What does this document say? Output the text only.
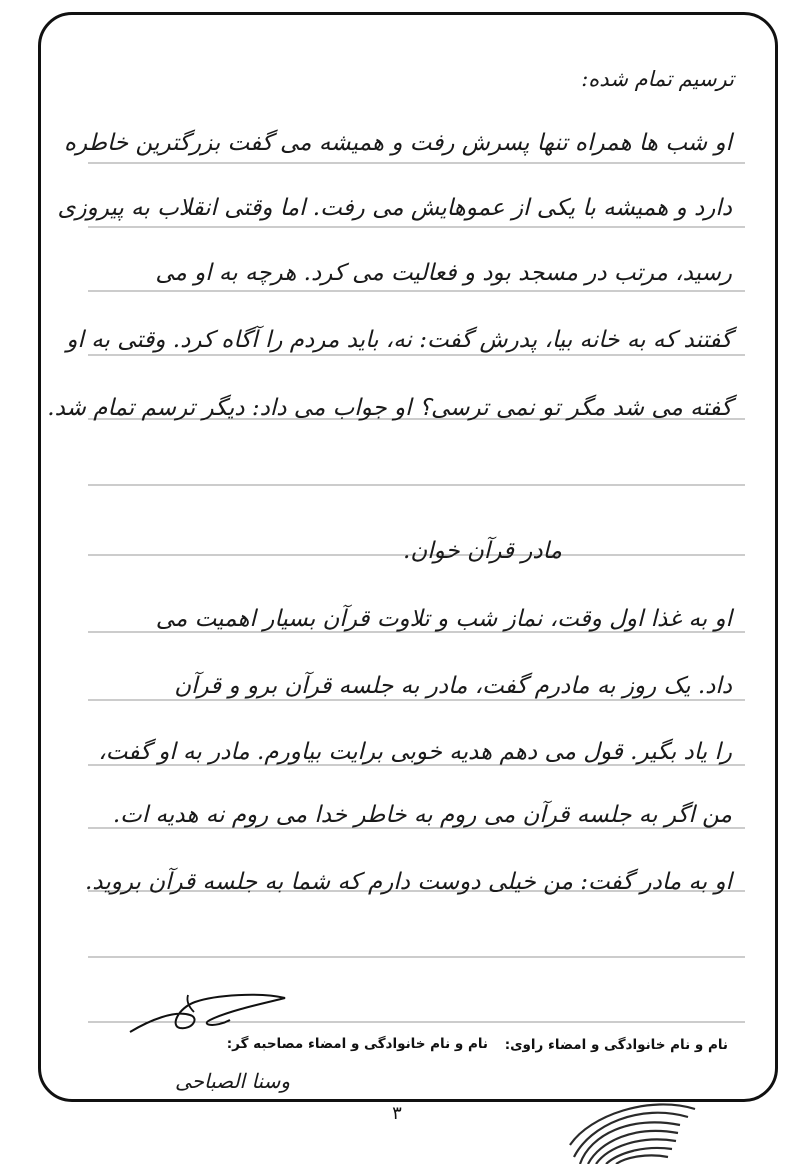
ترسیم تمام شده:
او شب ها همراه تنها پسرش رفت و همیشه می گفت بزرگترین خاطره
دارد و همیشه با یکی از عموهایش می رفت. اما وقتی انقلاب به پیروزی
رسید، مرتب در مسجد بود و فعالیت می کرد. هرچه به او می
گفتند که به خانه بیا، پدرش گفت: نه، باید مردم را آگاه کرد. وقتی به او
گفته می شد مگر تو نمی ترسی؟ او جواب می داد: دیگر ترسم تمام شد.
مادر قرآن خوان.
او به غذا اول وقت، نماز شب و تلاوت قرآن بسیار اهمیت می
داد. یک روز به مادرم گفت، مادر به جلسه قرآن برو و قرآن
را یاد بگیر. قول می دهم هدیه خوبی برایت بیاورم. مادر به او گفت،
من اگر به جلسه قرآن می روم به خاطر خدا می روم نه هدیه ات.
او به مادر گفت: من خیلی دوست دارم که شما به جلسه قرآن بروید.
نام و نام خانوادگی و امضاء مصاحبه گر: نام و نام خانوادگی و امضاء راوی:
وسنا الصباحی
۳
